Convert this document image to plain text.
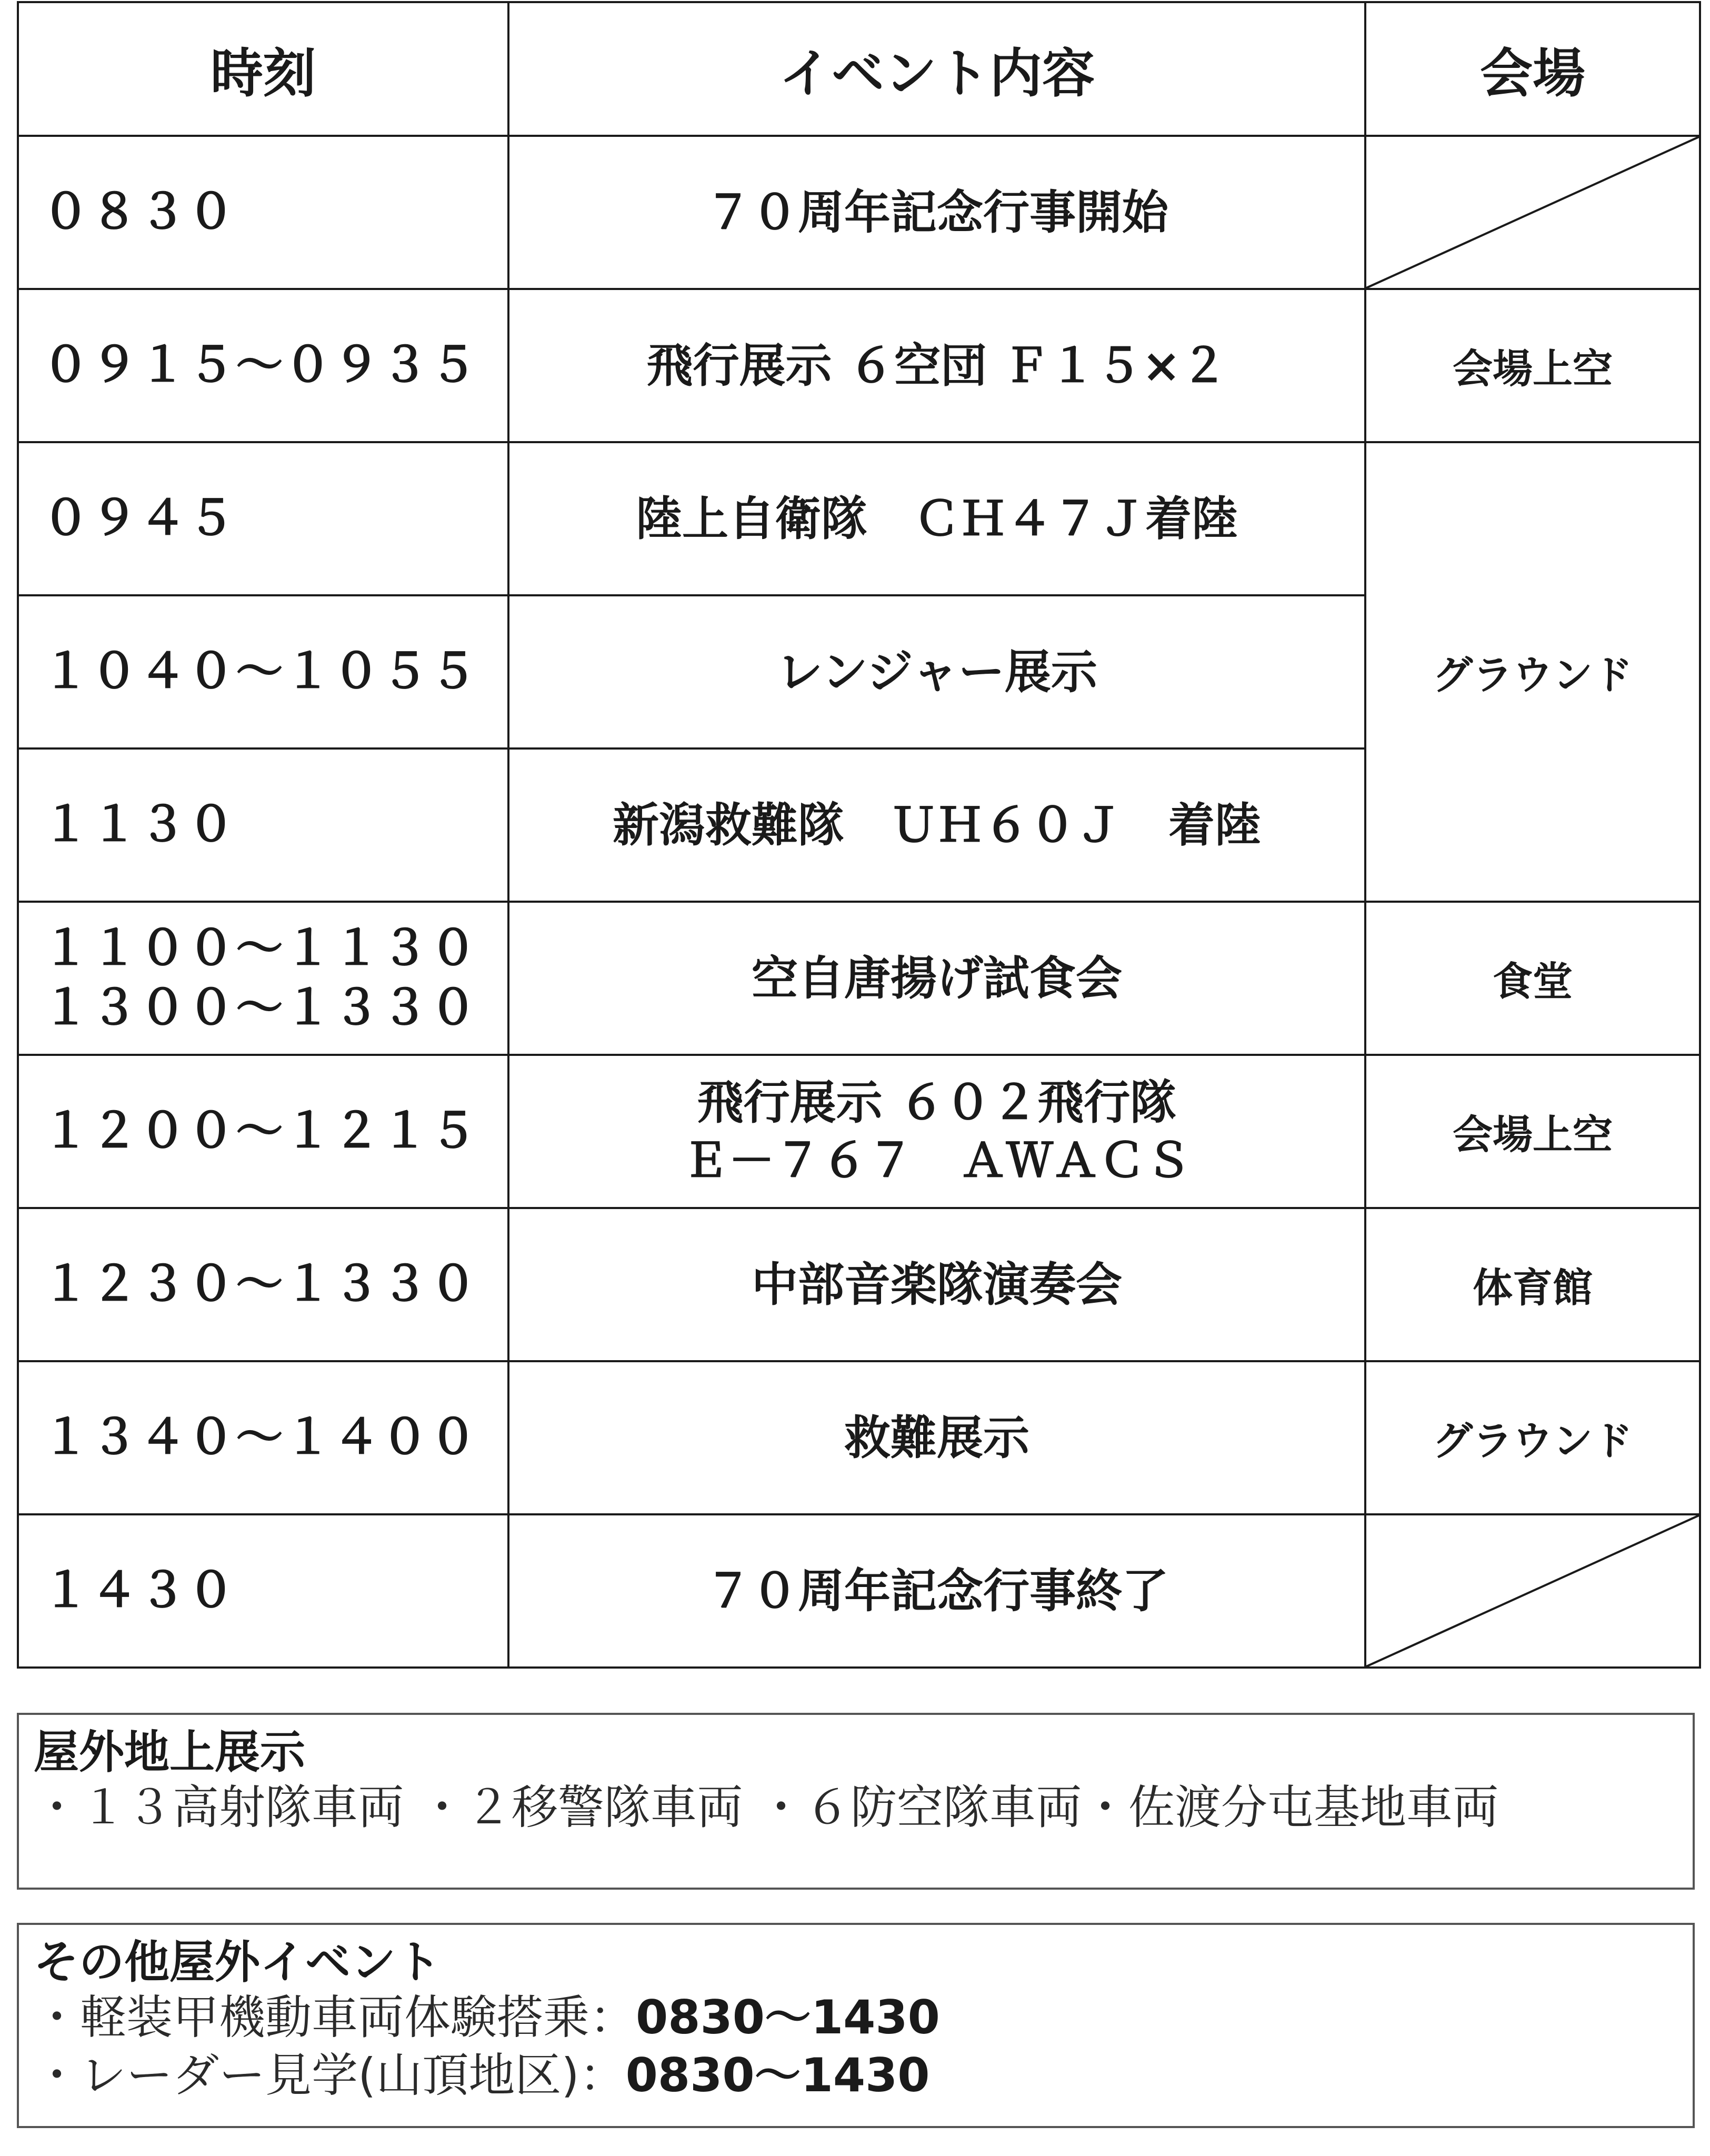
時刻	イベント内容	会場

０８３０	７０周年記念行事開始

０９１５～０９３５	飛行展示 ６空団 Ｆ１５×２	会場上空

０９４５	陸上自衛隊　ＣＨ４７Ｊ着陸	グラウンド

１０４０～１０５５	レンジャー展示	

１１３０	新潟救難隊　ＵＨ６０Ｊ　着陸	

１１００～１１３０
１３００～１３３０	空自唐揚げ試食会	食堂

１２００～１２１５	飛行展示 ６０２飛行隊
Ｅ－７６７　ＡＷＡＣＳ	会場上空

１２３０～１３３０	中部音楽隊演奏会	体育館

１３４０～１４００	救難展示	グラウンド

１４３０	７０周年記念行事終了

屋外地上展示
・１３高射隊車両 ・２移警隊車両 ・６防空隊車両・佐渡分屯基地車両
その他屋外イベント
・軽装甲機動車両体験搭乗：0830～1430
・レーダー見学(山頂地区)：0830～1430
